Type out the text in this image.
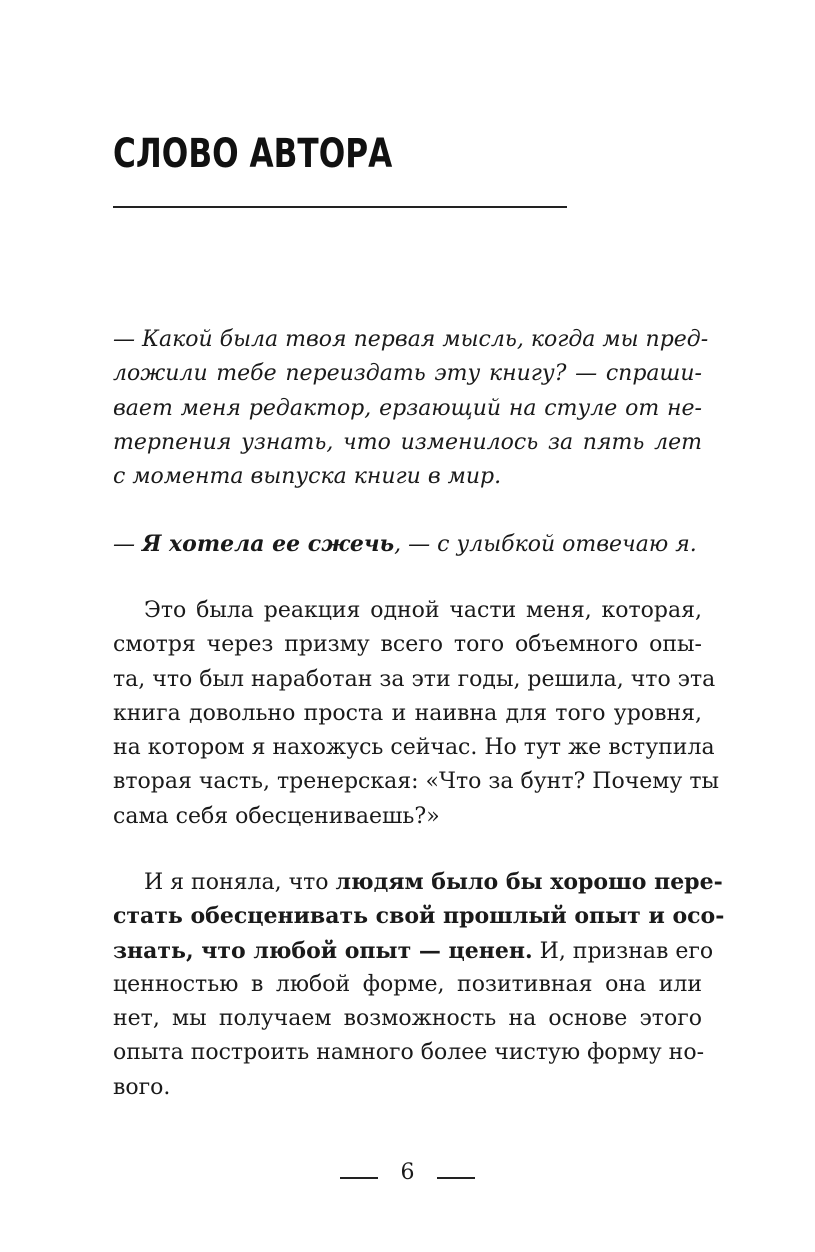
СЛОВО АВТОРА

— Какой была твоя первая мысль, когда мы пред-
ложили тебе переиздать эту книгу? — спраши-
вает меня редактор, ерзающий на стуле от не-
терпения узнать, что изменилось за пять лет
с момента выпуска книги в мир.

— Я хотела ее сжечь, — с улыбкой отвечаю я.

Это была реакция одной части меня, которая,
смотря через призму всего того объемного опы-
та, что был наработан за эти годы, решила, что эта
книга довольно проста и наивна для того уровня,
на котором я нахожусь сейчас. Но тут же вступила
вторая часть, тренерская: «Что за бунт? Почему ты
сама себя обесцениваешь?»

И я поняла, что людям было бы хорошо пере-
стать обесценивать свой прошлый опыт и осо-
знать, что любой опыт — ценен. И, признав его
ценностью в любой форме, позитивная она или
нет, мы получаем возможность на основе этого
опыта построить намного более чистую форму но-
вого.

6
